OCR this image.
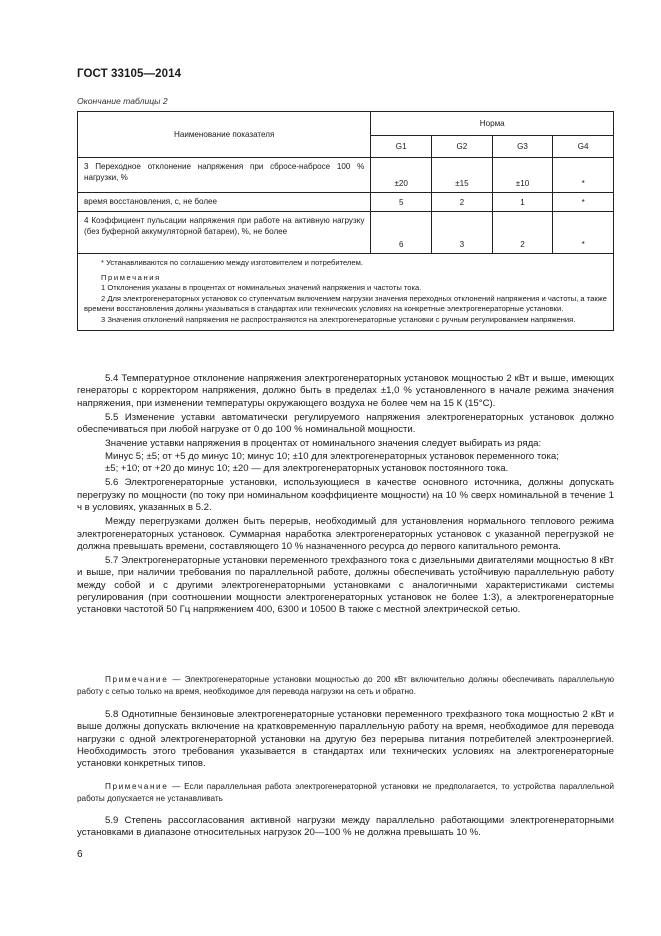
ГОСТ 33105—2014
Окончание таблицы 2
Наименование показателя	Норма			
	G1	G2	G3	G4
3 Переходное отклонение напряжения при сбросе-набросе 100 % нагрузки, %	±20	±15	±10	*
время восстановления, с, не более	5	2	1	*
4 Коэффициент пульсации напряжения при работе на активную нагрузку (без буферной аккумуляторной батареи), %, не более	6	3	2	*

* Устанавливаются по соглашению между изготовителем и потребителем.
Примечания
1 Отклонения указаны в процентах от номинальных значений напряжения и частоты тока.
2 Для электрогенераторных установок со ступенчатым включением нагрузки значения переходных отклонений напряжения и частоты, а также времени восстановления должны указываться в стандартах или технических условиях на конкретные электрогенераторные установки.
3 Значения отклонений напряжения не распространяются на электрогенераторные установки с ручным регулированием напряжения.				

5.4 Температурное отклонение напряжения электрогенераторных установок мощностью 2 кВт и выше, имеющих генераторы с корректором напряжения, должно быть в пределах ±1,0 % установленного в начале режима значения напряжения, при изменении температуры окружающего воздуха не более чем на 15 К (15°С).

5.5 Изменение уставки автоматически регулируемого напряжения электрогенераторных установок должно обеспечиваться при любой нагрузке от 0 до 100 % номинальной мощности.

Значение уставки напряжения в процентах от номинального значения следует выбирать из ряда:

Минус 5; ±5; от +5 до минус 10; минус 10; ±10 для электрогенераторных установок переменного тока;

±5; +10; от +20 до минус 10; ±20 — для электрогенераторных установок постоянного тока.

5.6 Электрогенераторные установки, использующиеся в качестве основного источника, должны допускать перегрузку по мощности (по току при номинальном коэффициенте мощности) на 10 % сверх номинальной в течение 1 ч в условиях, указанных в 5.2.

Между перегрузками должен быть перерыв, необходимый для установления нормального теплового режима электрогенераторных установок. Суммарная наработка электрогенераторных установок с указанной перегрузкой не должна превышать времени, составляющего 10 % назначенного ресурса до первого капитального ремонта.

5.7 Электрогенераторные установки переменного трехфазного тока с дизельными двигателями мощностью 8 кВт и выше, при наличии требования по параллельной работе, должны обеспечивать устойчивую параллельную работу между собой и с другими электрогенераторными установками с аналогичными характеристиками системы регулирования (при соотношении мощности электрогенераторных установок не более 1:3), а электрогенераторные установки частотой 50 Гц напряжением 400, 6300 и 10500 В также с местной электрической сетью.

Примечание — Электрогенераторные установки мощностью до 200 кВт включительно должны обеспечивать параллельную работу с сетью только на время, необходимое для перевода нагрузки на сеть и обратно.

5.8 Однотипные бензиновые электрогенераторные установки переменного трехфазного тока мощностью 2 кВт и выше должны допускать включение на кратковременную параллельную работу на время, необходимое для перевода нагрузки с одной электрогенераторной установки на другую без перерыва питания потребителей электроэнергией. Необходимость этого требования указывается в стандартах или технических условиях на электрогенераторные установки конкретных типов.

Примечание — Если параллельная работа электрогенераторной установки не предполагается, то устройства параллельной работы допускается не устанавливать

5.9 Степень рассогласования активной нагрузки между параллельно работающими электрогенераторными установками в диапазоне относительных нагрузок 20—100 % не должна превышать 10 %.

6
